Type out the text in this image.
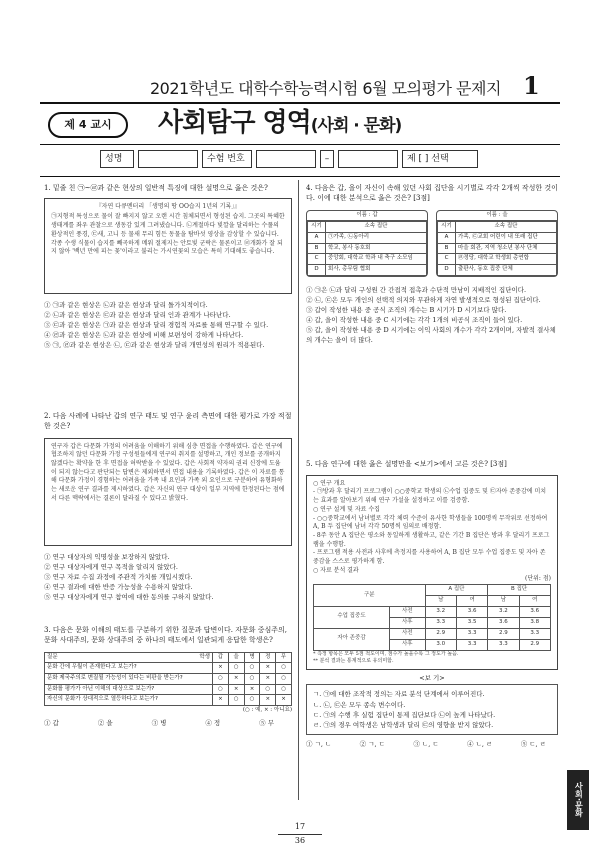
2021학년도 대학수학능력시험 6월 모의평가 문제지 1
제 4 교시	사회탐구 영역(사회 · 문화)
성명	수험 번호	–	제 [ ] 선택
1. 밑줄 친 ㉠~㉣과 같은 현상의 일반적 특징에 대한 설명으로 옳은 것은?
『자연 다큐멘터리 「생명의 땅 OO습지 1년의 기록」』
㉠지형적 특성으로 물이 잘 빠지지 않고 오랜 시간 침체되면서 형성된 습지. 그곳의 특혜한 생태계를 좌우 관찰으로 생동감 있게 그려냈습니다. ㉡계절마다 빛깔을 달리하는 수풀의 환상적인 풍경, ㉢새, 고니 등 물새 무리 힘든 동물을 탐바섯 영상을 감상할 수 있습니다. 각종 수생 식물이 습지를 빼곡하게 메워 절제지는 안토빛 군락은 물론이고 ㉣개화가 잘 되지 않아 '백년 만에 피는 꽃'이라고 불리는 가시연꽃의 모습은 특히 기대해도 좋습니다.
① ㉠과 같은 현상은 ㉡과 같은 현상과 달리 돌가치적이다.
② ㉡과 같은 현상은 ㉢과 같은 현상과 달리 인과 관계가 나타난다.
③ ㉢과 같은 현상은 ㉠과 같은 현상과 달리 경험적 자료를 통해 연구할 수 있다.
④ ㉣과 같은 현상은 ㉡과 같은 현상에 비해 보편성이 강하게 나타난다.
⑤ ㉠, ㉣과 같은 현상은 ㉡, ㉢과 같은 현상과 달리 개연성의 원리가 적용된다.
2. 다음 사례에 나타난 갑의 연구 태도 및 연구 윤리 측면에 대한 평가로 가장 적절한 것은?
연구자 갑은 다문화 가정의 어려움을 이해하기 위해 심층 면접을 수행하였다. 갑은 연구에 협조하지 않던 다문화 가정 구성원들에게 연구의 취지를 설명하고, 개인 정보를 공개하지 않겠다는 확약을 한 후 면접을 허락받을 수 있었다. 갑은 사회적 약자의 권리 신장에 도움이 되지 않는다고 판단되는 답변은 제외하면서 면접 내용을 기록하였다. 갑은 이 자료를 통해 다문화 가정이 경험하는 어려움을 가족 내 요인과 가족 외 요인으로 구분하여 유형화하는 새로운 연구 결과를 제시하였다. 갑은 자신의 연구 대상이 일부 지역에 한정된다는 점에서 다른 맥락에서는 결론이 달라질 수 있다고 밝혔다.
① 연구 대상자의 익명성을 보장하지 않았다.
② 연구 대상자에게 연구 목적을 알리지 않았다.
③ 연구 자료 수집 과정에 주관적 가치를 개입시켰다.
④ 연구 결과에 대한 반증 가능성을 수용하지 않았다.
⑤ 연구 대상자에게 연구 참여에 대한 동의를 구하지 않았다.
3. 다음은 문화 이해의 태도를 구분하기 위한 질문과 답변이다. 자문화 중심주의, 문화 사대주의, 문화 상대주의 중 하나의 태도에서 일관되게 응답한 학생은?
질문 학생	갑	을	병	정	무
문화 간에 우월이 존재한다고 보는가?	×	○	○	×	○
문화 제국주의로 변질될 가능성이 있다는 비판을 받는가?	○	×	○	×	○
문화를 평가가 아닌 이해의 대상으로 보는가?	○	×	×	○	○
자신의 문화가 상대적으로 열등하다고 보는가?	×	○	○	×	×
(○ : 예, × : 아니요)
① 갑	② 을	③ 병	④ 정	⑤ 무
4. 다음은 갑, 을이 자신이 속해 있던 사회 집단을 시기별로 각각 2개씩 작성한 것이다. 이에 대한 분석으로 옳은 것은? [3점]
이름 : 갑
시기	소속 집단
A	㉠가족, ㉡동아리
B	학교, 봉사 동호회
C	중앙회, 대학교 학과 내 축구 소모임
D	회사, 총무팀 협회
이름 : 을
시기	소속 집단
A	가족, ㉢교회 어린이 내 또래 집단
B	마을 회관, 지역 청소년 봉사 단체
C	㉣정당, 대학교 학생회 총연합
D	출판사, 동호 집중 단체
① ㉠은 ㉡과 달리 구성원 간 간접적 접촉과 수단적 만남이 지배적인 집단이다.
② ㉡, ㉢은 모두 개인의 선택적 의지와 무관하게 자연 발생적으로 형성된 집단이다.
③ 갑이 작성한 내용 중 공식 조직의 개수는 B 시기가 D 시기보다 많다.
④ 갑, 을이 작성한 내용 중 C 시기에는 각각 1개의 비공식 조직이 들어 있다.
⑤ 갑, 을이 작성한 내용 중 D 시기에는 이익 사회의 개수가 각각 2개이며, 자발적 결사체의 개수는 을이 더 많다.
5. 다음 연구에 대한 옳은 설명만을 <보기>에서 고른 것은? [3점]
○ 연구 개요
- ㉠방과 후 달리기 프로그램이 ○○중학교 학생의 ㉡수업 집중도 및 ㉢자아 존중감에 미치는 효과를 알아보기 위해 연구 가설을 설정하고 이를 검증함.
○ 연구 설계 및 자료 수집
- ○○중학교에서 남녀별로 각각 체력 수준이 유사한 학생들을 100명씩 무작위로 선정하여 A, B 두 집단에 남녀 각각 50명씩 임의로 배정함.
- 8주 동안 A 집단은 평소와 동일하게 생활하고, 같은 기간 B 집단은 방과 후 달리기 프로그램을 수행함.
- 프로그램 적용 사전과 사후에 측정지를 사용하여 A, B 집단 모두 수업 집중도 및 자아 존중감을 스스로 평가하게 함.
○ 자료 분석 결과
(단위: 점)
구분		A 집단		B 집단	
		남	여	남	여
수업 집중도	사전	3.2	3.6	3.2	3.6
	사후	3.3	3.5	3.6	3.8
자아 존중감	사전	2.9	3.3	2.9	3.3
	사후	3.0	3.3	3.3	2.9
* 측정 항목은 모두 5점 척도이며, 점수가 높을수록 그 정도가 높음.
** 분석 결과는 통계적으로 유의미함.
<보 기>
ㄱ. ㉠에 대한 조작적 정의는 자료 분석 단계에서 이루어진다.
ㄴ. ㉡, ㉢은 모두 종속 변수이다.
ㄷ. ㉠의 수행 후 실험 집단이 통제 집단보다 ㉡이 높게 나타났다.
ㄹ. ㉠의 경우 여학생은 남학생과 달리 ㉢의 영향을 받지 않았다.
① ㄱ, ㄴ	② ㄱ, ㄷ	③ ㄴ, ㄷ	④ ㄴ, ㄹ	⑤ ㄷ, ㄹ
사회·문화
17
36
